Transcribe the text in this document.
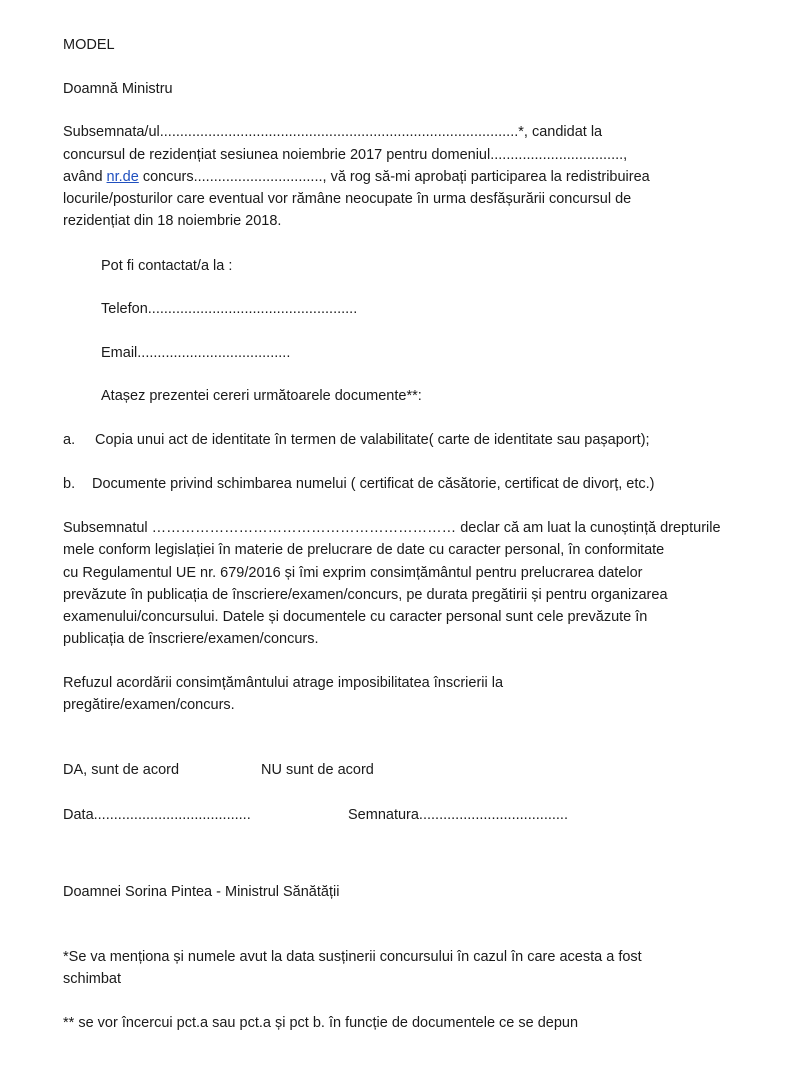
MODEL
Doamnă Ministru
Subsemnata/ul.........................................................................................*, candidat la
concursul de rezidențiat sesiunea noiembrie 2017 pentru domeniul.................................,
având nr.de concurs................................, vă rog să-mi aprobați participarea la redistribuirea
locurile/posturilor care eventual vor rămâne neocupate în urma desfășurării concursul de
rezidențiat din 18 noiembrie 2018.
Pot fi contactat/a la :
Telefon....................................................
Email......................................
Atașez prezentei cereri următoarele documente**:
a. Copia unui act de identitate în termen de valabilitate( carte de identitate sau pașaport);
b. Documente privind schimbarea numelui ( certificat de căsătorie, certificat de divorț, etc.)
Subsemnatul ……………………………………………………… declar că am luat la cunoștință drepturile
mele conform legislației în materie de prelucrare de date cu caracter personal, în conformitate
cu Regulamentul UE nr. 679/2016 și îmi exprim consimțământul pentru prelucrarea datelor
prevăzute în publicația de înscriere/examen/concurs, pe durata pregătirii și pentru organizarea
examenului/concursului. Datele și documentele cu caracter personal sunt cele prevăzute în
publicația de înscriere/examen/concurs.
Refuzul acordării consimțământului atrage imposibilitatea înscrierii la
pregătire/examen/concurs.
DA, sunt de acord	NU sunt de acord
Data.......................................	Semnatura.....................................
Doamnei Sorina Pintea - Ministrul Sănătății
*Se va menționa și numele avut la data susținerii concursului în cazul în care acesta a fost
schimbat
** se vor încercui pct.a sau pct.a și pct b. în funcție de documentele ce se depun
